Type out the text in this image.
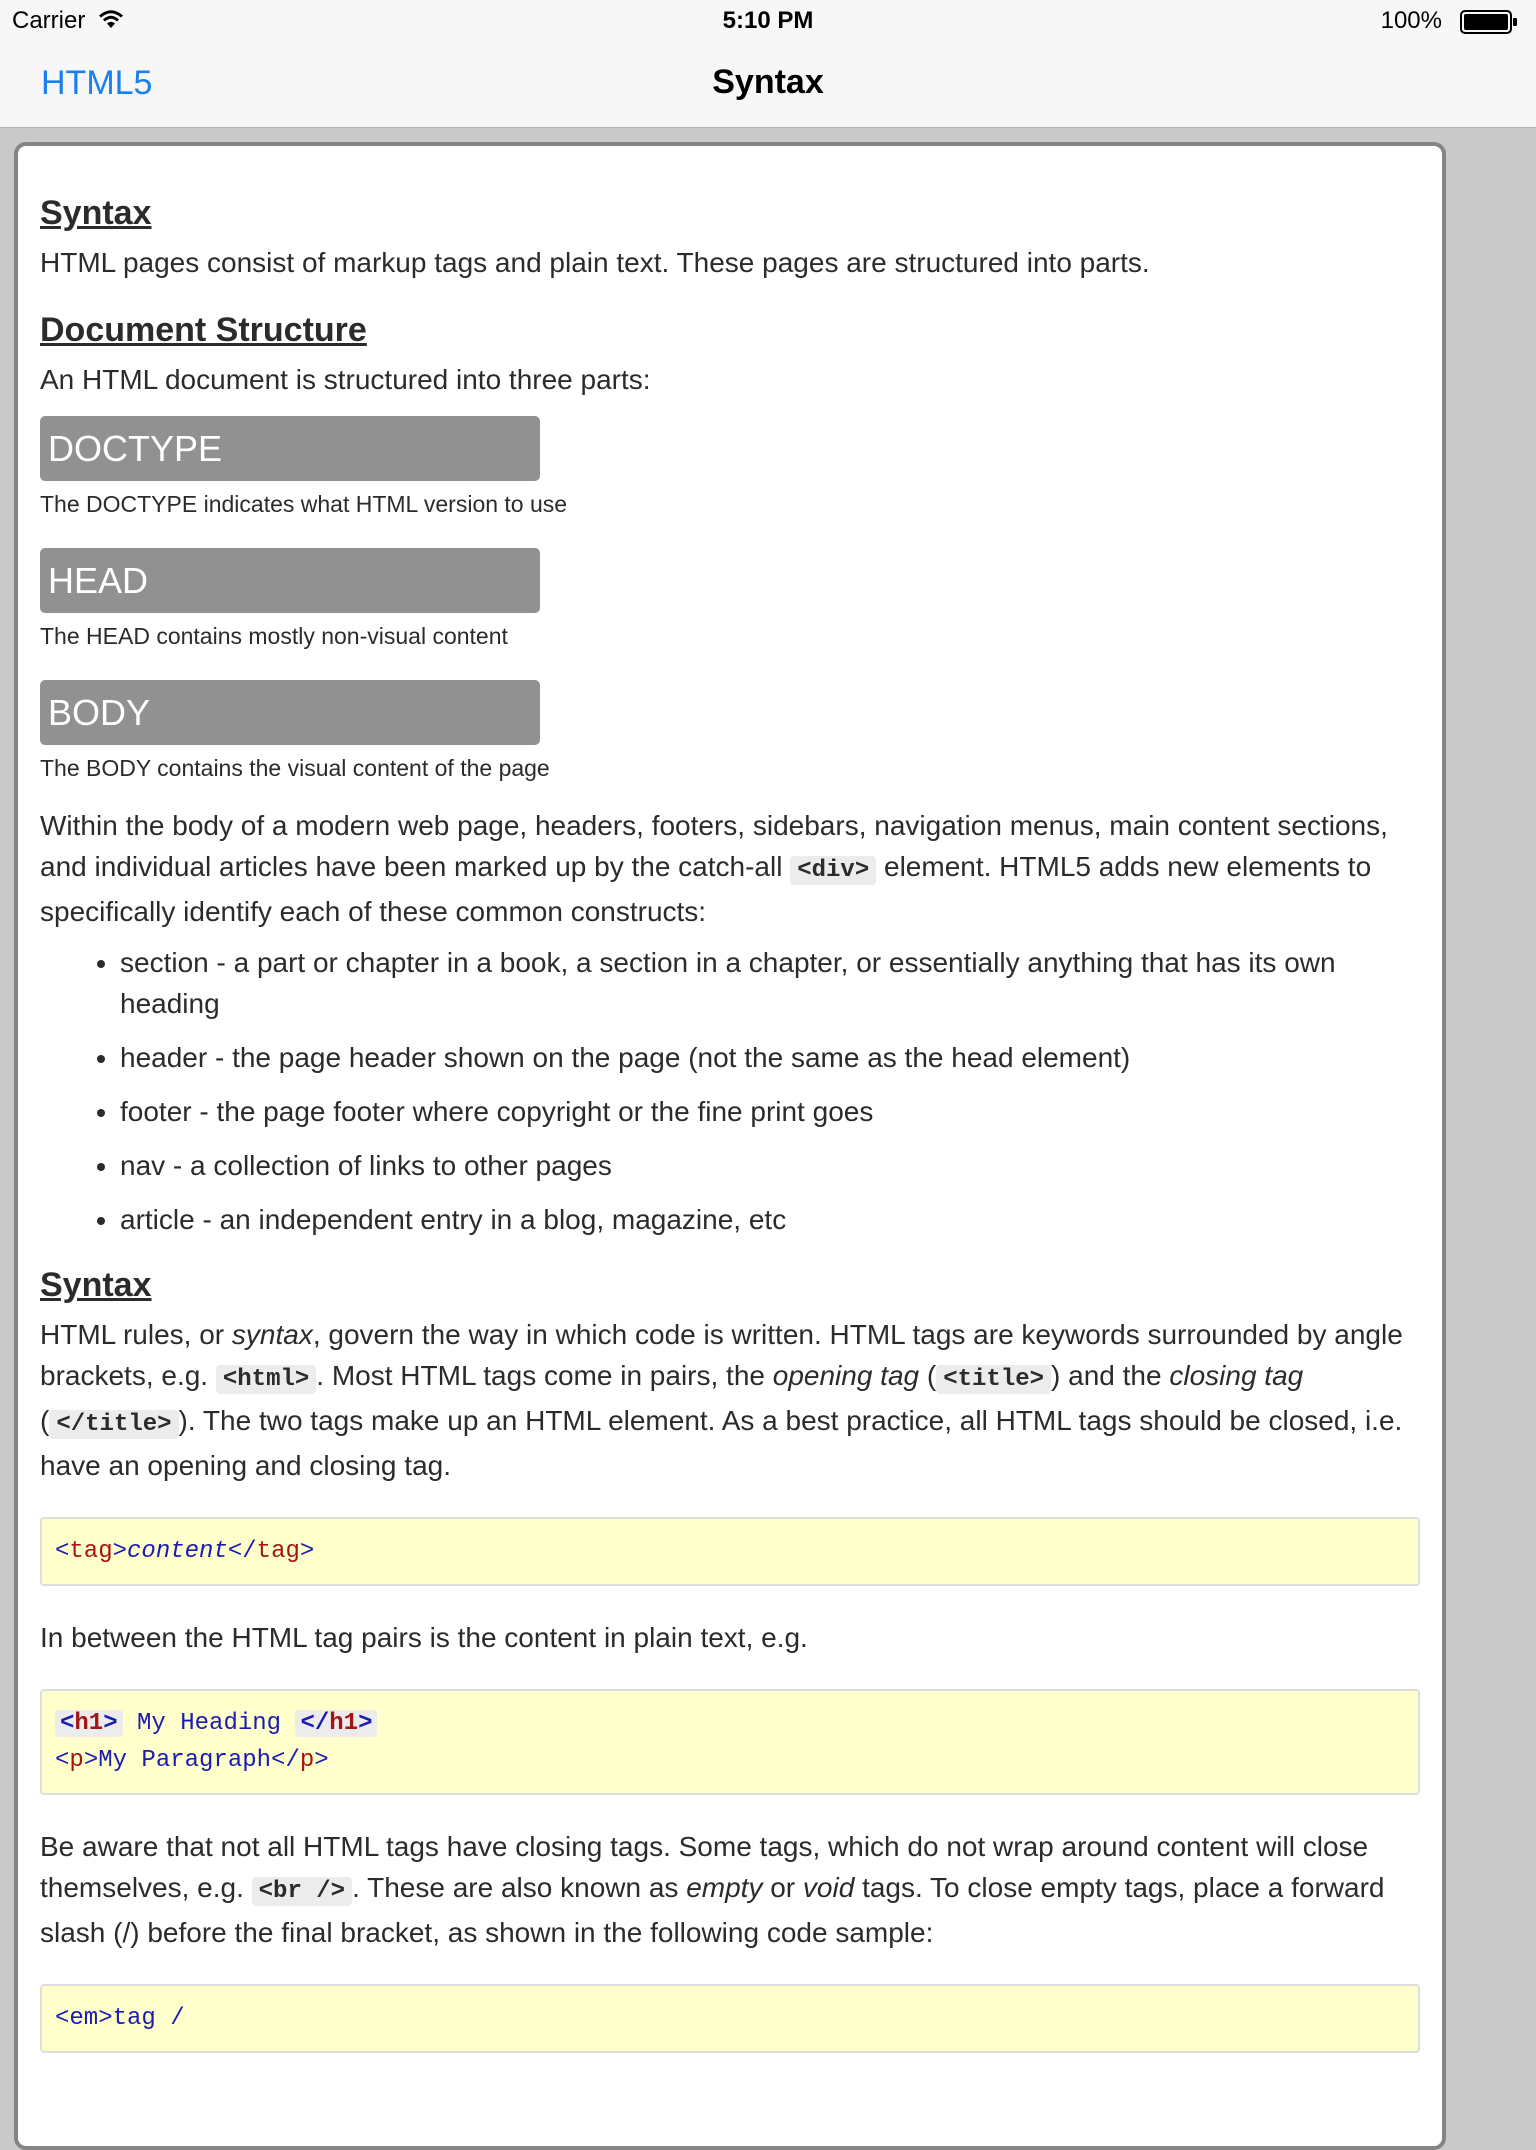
Carrier	5:10 PM	100%
HTML5	Syntax
Syntax

HTML pages consist of markup tags and plain text. These pages are structured into parts.

Document Structure

An HTML document is structured into three parts:

DOCTYPE
The DOCTYPE indicates what HTML version to use
HEAD
The HEAD contains mostly non-visual content
BODY
The BODY contains the visual content of the page

Within the body of a modern web page, headers, footers, sidebars, navigation menus, main content sections, and individual articles have been marked up by the catch-all <div> element. HTML5 adds new elements to specifically identify each of these common constructs:

• section - a part or chapter in a book, a section in a chapter, or essentially anything that has its own heading
• header - the page header shown on the page (not the same as the head element)
• footer - the page footer where copyright or the fine print goes
• nav - a collection of links to other pages
• article - an independent entry in a blog, magazine, etc
Syntax

HTML rules, or syntax, govern the way in which code is written. HTML tags are keywords surrounded by angle brackets, e.g. <html> . Most HTML tags come in pairs, the opening tag ( <title> ) and the closing tag ( </title> ). The two tags make up an HTML element. As a best practice, all HTML tags should be closed, i.e. have an opening and closing tag.

<tag>content</tag>

In between the HTML tag pairs is the content in plain text, e.g.

<h1> My Heading </h1>
<p>My Paragraph</p>

Be aware that not all HTML tags have closing tags. Some tags, which do not wrap around content will close themselves, e.g. <br /> . These are also known as empty or void tags. To close empty tags, place a forward slash (/) before the final bracket, as shown in the following code sample:

<em>tag /
